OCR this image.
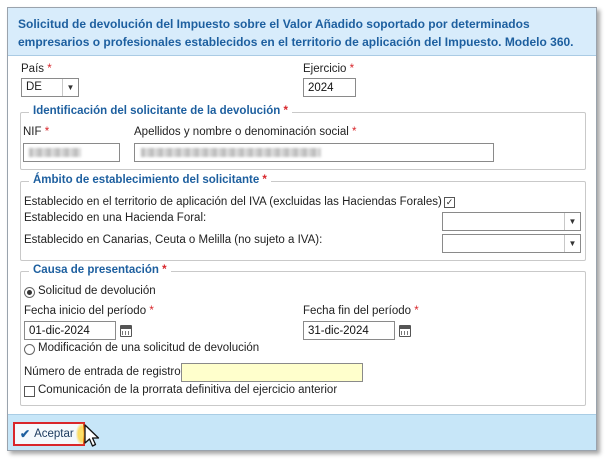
Solicitud de devolución del Impuesto sobre el Valor Añadido soportado por determinados empresarios o profesionales establecidos en el territorio de aplicación del Impuesto. Modelo 360.
País *
DE	▼
Ejercicio *
2024
Identificación del solicitante de la devolución *
NIF *	Apellidos y nombre o denominación social *
Ámbito de establecimiento del solicitante *
Establecido en el territorio de aplicación del IVA (excluidas las Haciendas Forales) ✓
Establecido en una Hacienda Foral:	▼
Establecido en Canarias, Ceuta o Melilla (no sujeto a IVA):	▼
Causa de presentación *
Solicitud de devolución
Fecha inicio del período *
01-dic-2024	Fecha fin del período *
31-dic-2024
Modificación de una solicitud de devolución
Número de entrada de registro
Comunicación de la prorrata definitiva del ejercicio anterior
✔ Aceptar
